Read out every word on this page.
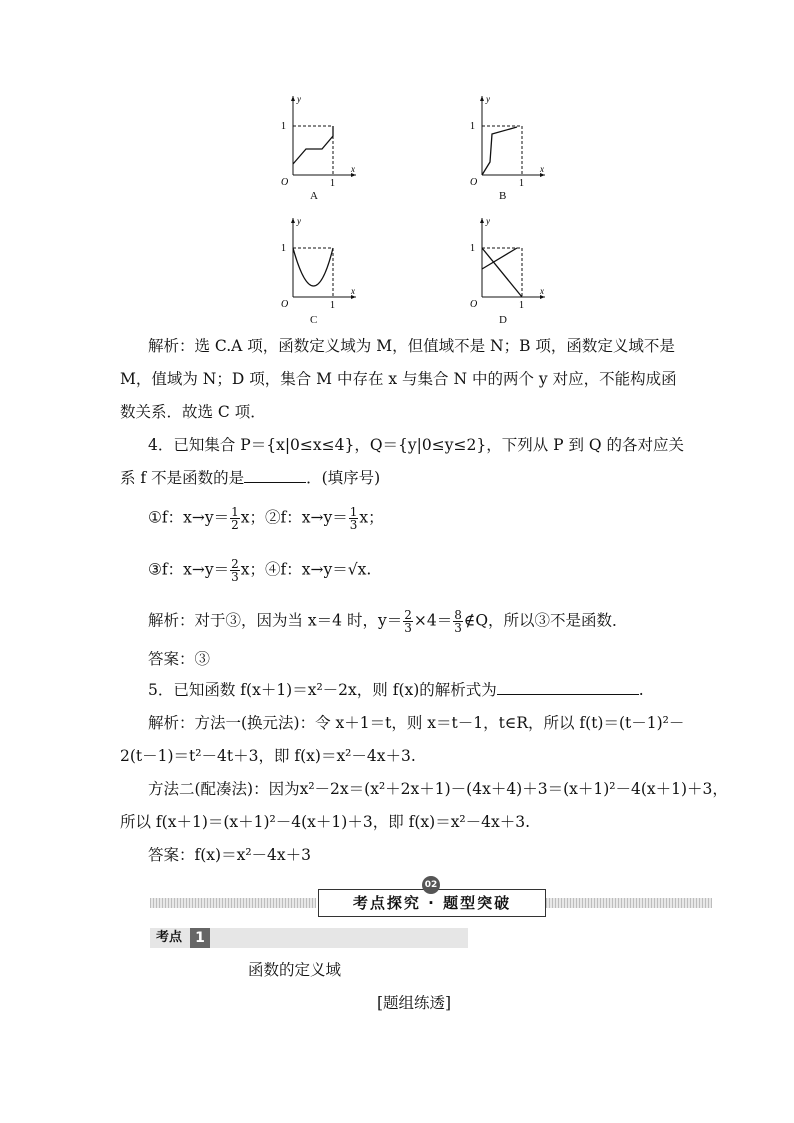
y
1
O	1
x
A
y
1
O	1
x
B
y
1
O	1
x
C
y
1
O	1
x
D
解析：选 C.A 项，函数定义域为 M，但值域不是 N；B 项，函数定义域不是
M，值域为 N；D 项，集合 M 中存在 x 与集合 N 中的两个 y 对应，不能构成函
数关系．故选 C 项．
4．已知集合 P＝{x|0≤x≤4}，Q＝{y|0≤y≤2}，下列从 P 到 Q 的各对应关
系 f 不是函数的是	．(填序号)
①f：$x\to y= \frac{1}{2}$ x；②f：$x\to y= \frac{1}{3}$ x；
③f：$x\to y= \frac{2}{3}$ x；④f：x→y＝√x.
解析：对于③，因为当 x＝4 时，$y= \frac{2}{3} \times 4= \frac{8}{3}$ ∉Q，所以③不是函数．
答案：③
5．已知函数 f(x＋1)＝x²－2x，则 f(x)的解析式为	.
解析：方法一(换元法)：令 x＋1＝t，则 x＝t－1，t∈R，所以 f(t)＝(t－1)²－
2(t－1)＝t²－4t＋3，即 f(x)＝x²－4x＋3.
方法二(配凑法)：因为x²－2x＝(x²＋2x＋1)－(4x＋4)＋3＝(x＋1)²－4(x＋1)＋3，
所以 f(x＋1)＝(x＋1)²－4(x＋1)＋3，即 f(x)＝x²－4x＋3.
答案：f(x)＝x²－4x＋3
考点探究 · 题型突破
02
考点 1
函数的定义域
[题组练透]
